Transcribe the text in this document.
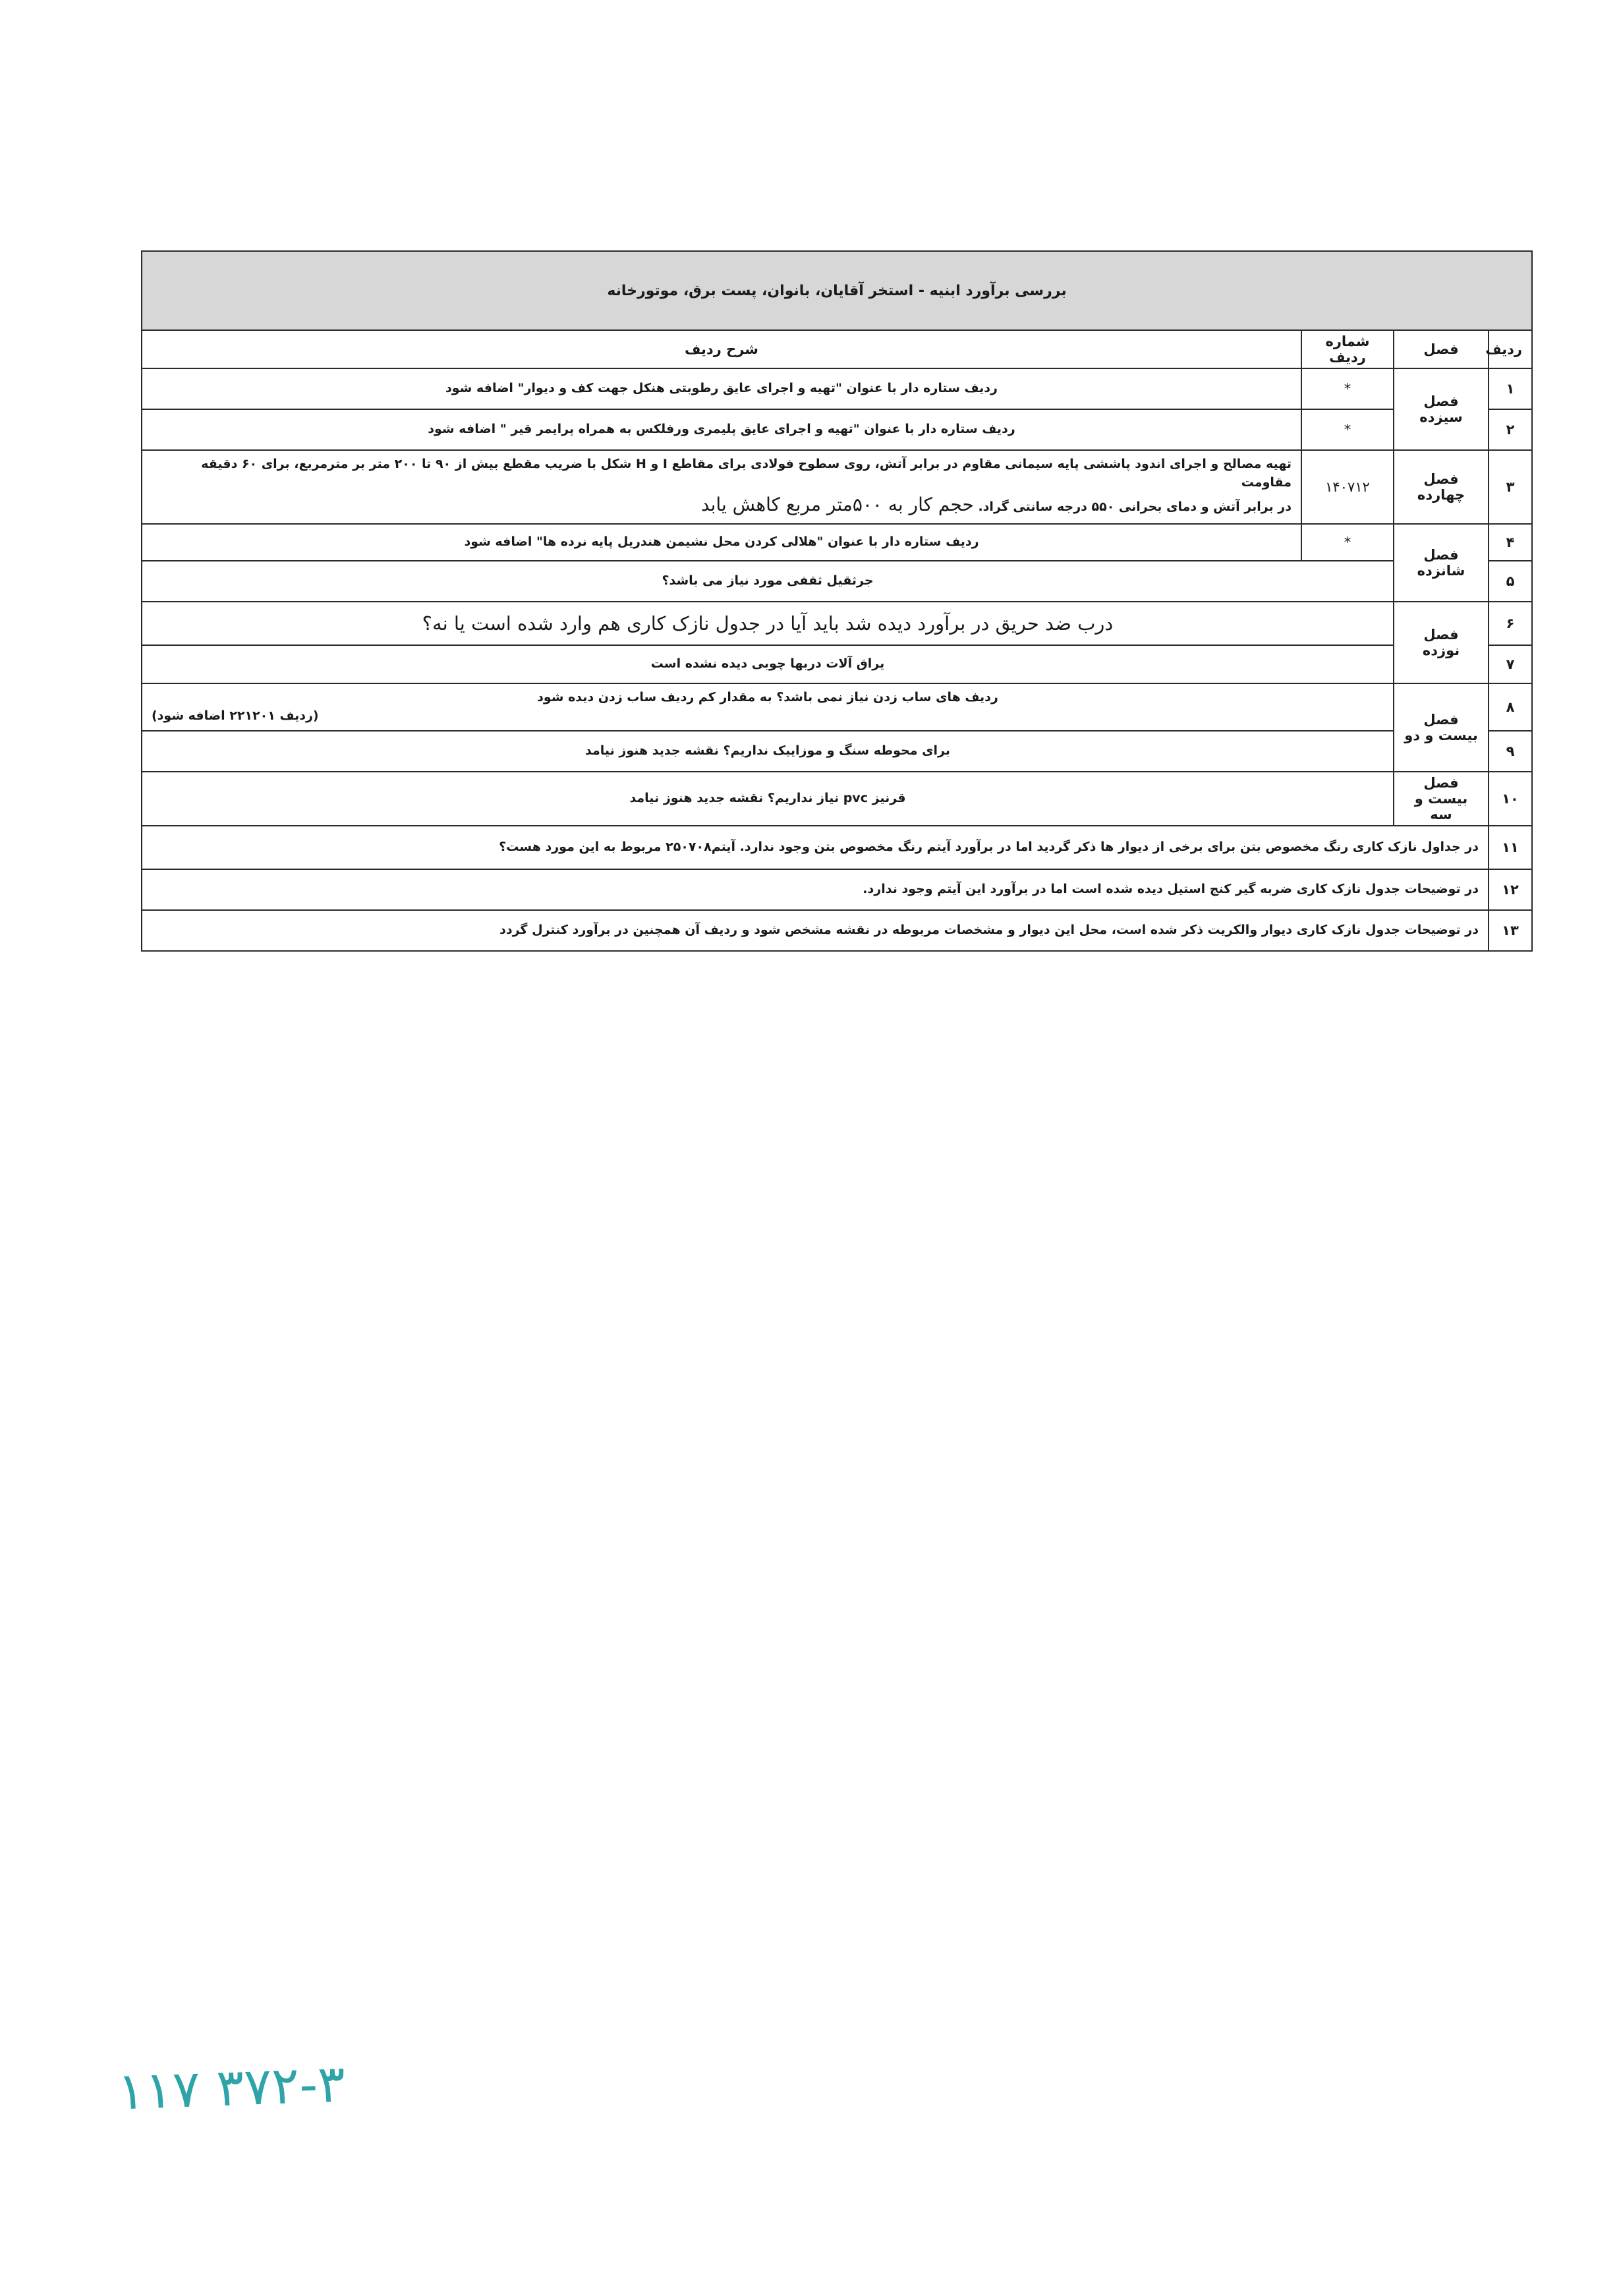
بررسی برآورد ابنیه - استخر آقایان، بانوان، پست برق، موتورخانه			
ردیف	فصل	شماره ردیف	شرح ردیف
۱	فصل سیزده	*	ردیف ستاره دار با عنوان "تهیه و اجرای عایق رطوبتی هنکل جهت کف و دیوار" اضافه شود
۲		*	ردیف ستاره دار با عنوان "تهیه و اجرای عایق پلیمری ورفلکس به همراه پرایمر قیر " اضافه شود
۳	فصل چهارده	۱۴۰۷۱۲	تهیه مصالح و اجرای اندود پاششی پایه سیمانی مقاوم در برابر آتش، روی سطوح فولادی برای مقاطع I و H شکل با ضریب مقطع بیش از ۹۰ تا ۲۰۰ متر بر مترمربع، برای ۶۰ دقیقه مقاومت
در برابر آتش و دمای بحرانی ۵۵۰ درجه سانتی گراد. حجم کار به ۵۰۰متر مربع کاهش یابد

۴	فصل شانزده	*	ردیف ستاره دار با عنوان "هلالی کردن محل نشیمن هندریل پایه نرده ها" اضافه شود
۵		جرثقیل ثقفی مورد نیاز می باشد؟	
۶	فصل نوزده	درب ضد حریق در برآورد دیده شد باید آیا در جدول نازک کاری هم وارد شده است یا نه؟	
۷		یراق آلات دربها چوبی دیده نشده است	
۸	فصل بیست و دو	ردیف های ساب زدن نیاز نمی باشد؟ به مقدار کم ردیف ساب زدن دیده شود
(ردیف ۲۲۱۲۰۱ اضافه شود)	

۹		برای محوطه سنگ و موزاییک نداریم؟ نقشه جدید هنوز نیامد	
۱۰	فصل بیست و سه	قرنیز pvc نیاز نداریم؟ نقشه جدید هنوز نیامد	
۱۱	در جداول نازک کاری رنگ مخصوص بتن برای برخی از دیوار ها ذکر گردید اما در برآورد آیتم رنگ مخصوص بتن وجود ندارد. آیتم۲۵۰۷۰۸ مربوط به این مورد هست؟		
۱۲	در توضیحات جدول نازک کاری ضربه گیر کنج استیل دیده شده است اما در برآورد این آیتم وجود ندارد.		
۱۳	در توضیحات جدول نازک کاری دیوار والکریت ذکر شده است، محل این دیوار و مشخصات مربوطه در نقشه مشخص شود و ردیف آن همچنین در برآورد کنترل گردد		
۱۱۷ ۳۷۲-۳
